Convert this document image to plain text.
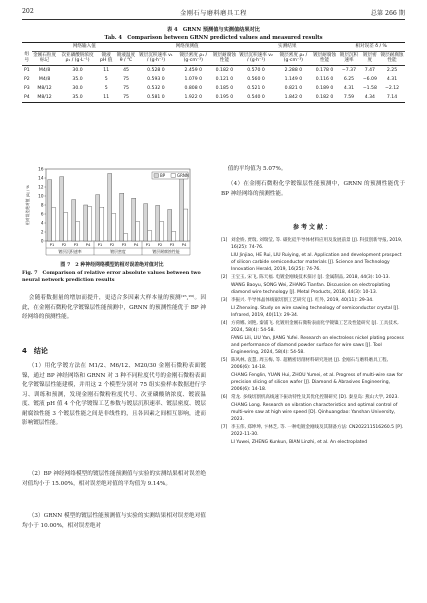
202	金刚石与磨料磨具工程	总第 266 期
表 4　GRNN 预测值与实测值结果对比
Tab. 4　Comparison between GRNN predicted values and measured results
	网络输入值				网络预测值			实测结果			相对误差 δ / %		
组号	金刚石粒度标记	次亚磷酸钠浓度 ρ₁ / (g·L⁻¹)	镀液 pH 值	镀液温度 θ / ℃	镀层沉积速率 v₁ / (g·h⁻¹)	镀层密度 ρ₁ / (g·cm⁻³)	镀层耐腐蚀性能	镀层沉积速率 v₂ / (g·h⁻¹)	镀层密度 ρ₂ / (g·cm⁻³)	镀层耐腐蚀性能	镀层沉积速率	镀层密度	镀层耐腐蚀性能
P1	M4/8	30.0	11	45	0.528 0	2.459 0	0.182 0	0.570 0	2.288 0	0.178 0	−7.37	7.47	2.25
P2	M4/8	35.0	5	75	0.593 0	1.079 0	0.121 0	0.560 0	1.149 0	0.116 0	6.25	−6.09	4.31
P3	M8/12	30.0	5	75	0.532 0	0.808 0	0.185 0	0.521 0	0.821 0	0.189 0	4.31	−1.58	−2.12
P4	M8/12	35.0	11	75	0.581 0	1.922 0	0.195 0	0.540 0	1.842 0	0.182 0	7.59	4.34	7.14
0
2
4
6
8
10
12
14
16
相对误差绝对值 |δ| / %
P1 P2 P3 P4 P1 P2 P3 P4 P1 P2 P3 P4
镀层沉积速率	镀层密度	镀层耐腐蚀性能
BP	GRNN
图 7　2 种神经网络模型的相对误差绝对值对比
Fig. 7　Comparison of relative error absolute values between two neural network prediction results
会随着数据量的增加而提升，更适合多因素大样本量的预测⁽¹⁵,²⁰⁾。因此，在金刚石微粉化学镀镍层性能预测中，GRNN 的预测性能优于 BP 神经网络的预测性能。
4　结论
（1）用化学镀方法在 M1/2、M6/12、M20/30 金刚石微粉表面镀镍，通过 BP 神经网络和 GRNN 对 3 种不同粒度代号的金刚石微粉表面化学镀镍层性能建模，并用这 2 个模型分别对 75 组实验样本数据进行学习、训练和预测，发现金刚石微粉粒度代号、次亚磷酸钠浓度、镀液温度、镀液 pH 值 4 个化学镀镍工艺参数与镀层沉积速率、镀层密度、镀层耐腐蚀性能 3 个镀层性能之间是非线性的，且各因素之间相互影响，进而影响镀层性能。
（2）BP 神经网络模型的镀层性能预测值与实验的实测结果相对误差绝对值均小于 15.00%，相对误差绝对值的平均值为 9.14%。
（3）GRNN 模型的镀层性能预测值与实验的实测结果相对误差绝对值均小于 10.00%，相对误差绝对
值的平均值为 5.07%。
（4）在金刚石微粉化学镀镍层性能预测中，GRNN 的预测性能优于 BP 神经网络的预测性能。
参考文献：
[1] 刘金娇, 贾瑞, 刘瑞莹, 等. 碳化硅半导体材料应用及发展前景 [J]. 科技创新导报, 2019, 16(25): 74-76.
LIU Jinjiao, HE Rui, LIU Ruiying, et al. Application and development prospect of silicon carbide semiconductor materials [J]. Science and Technology Innovation Herald, 2019, 16(25): 74-76.
[2] 王宝玉, 宋飞, 陈天福. 电镀金刚线技术探讨 [J]. 金属制品, 2018, 44(3): 10-13.
WANG Baoyu, SONG Wei, ZHANG Tianfan. Discussion on electroplating diamond wire technology [J]. Metal Products, 2018, 44(3): 10-13.
[3] 李振兴. 半导体晶体线锯切割工艺研究 [J]. 红外, 2019, 40(11): 29-34.
LI Zhenxing. Study on wire sawing technology of semiconductor crystal [J]. Infrared, 2019, 40(11): 29-34.
[4] 方荷娜, 刘艳, 秦浦飞. 化镀用金刚石微粉表面化学镀镍工艺及性能研究 [J]. 工具技术, 2024, 58(4): 54-58.
FANG Lili, LIU Yan, JIANG Yufei. Research on electroless nickel plating process and performance of diamond powder surface for wire saws [J]. Tool Engineering, 2024, 58(4): 54-58.
[5] 陈风林, 袁慧, 周玉梅, 等. 超精密切削材料研究进展 [J]. 金刚石与磨料磨具工程, 2006(6): 14-18.
CHANG Fenglin, YUAN Hui, ZHOU Yumei, et al. Progress of multi-wire saw for precision slicing of silicon wafer [J]. Diamond & Abrasives Engineering, 2006(6): 14-18.
[6] 常龙. 多线切割机高线速下振动特性及其优化控制研究 [D]. 秦皇岛: 燕山大学, 2023.
CHANG Long. Research on vibration characteristics and optimal control of multi-wire saw at high wire speed [D]. Qinhuangdao: Yanshan University, 2023.
[7] 李玉伟, 郑坤坤, 卞林芝, 等. 一种电镀金刚线及其制备方法: CN202211516260.5 [P]. 2022-11-30.
LI Yuwei, ZHENG Kunkun, BIAN Linzhi, et al. An electroplated
